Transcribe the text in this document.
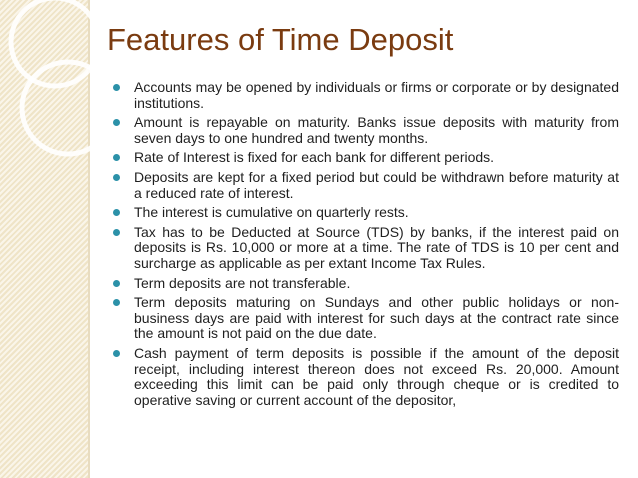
Features of Time Deposit
Accounts may be opened by individuals or firms or corporate or by designated institutions.
Amount is repayable on maturity. Banks issue deposits with maturity from seven days to one hundred and twenty months.
Rate of Interest is fixed for each bank for different periods.
Deposits are kept for a fixed period but could be withdrawn before maturity at a reduced rate of interest.
The interest is cumulative on quarterly rests.
Tax has to be Deducted at Source (TDS) by banks, if the interest paid on deposits is Rs. 10,000 or more at a time. The rate of TDS is 10 per cent and surcharge as applicable as per extant Income Tax Rules.
Term deposits are not transferable.
Term deposits maturing on Sundays and other public holidays or non-business days are paid with interest for such days at the contract rate since the amount is not paid on the due date.
Cash payment of term deposits is possible if the amount of the deposit receipt, including interest thereon does not exceed Rs. 20,000. Amount exceeding this limit can be paid only through cheque or is credited to operative saving or current account of the depositor,
